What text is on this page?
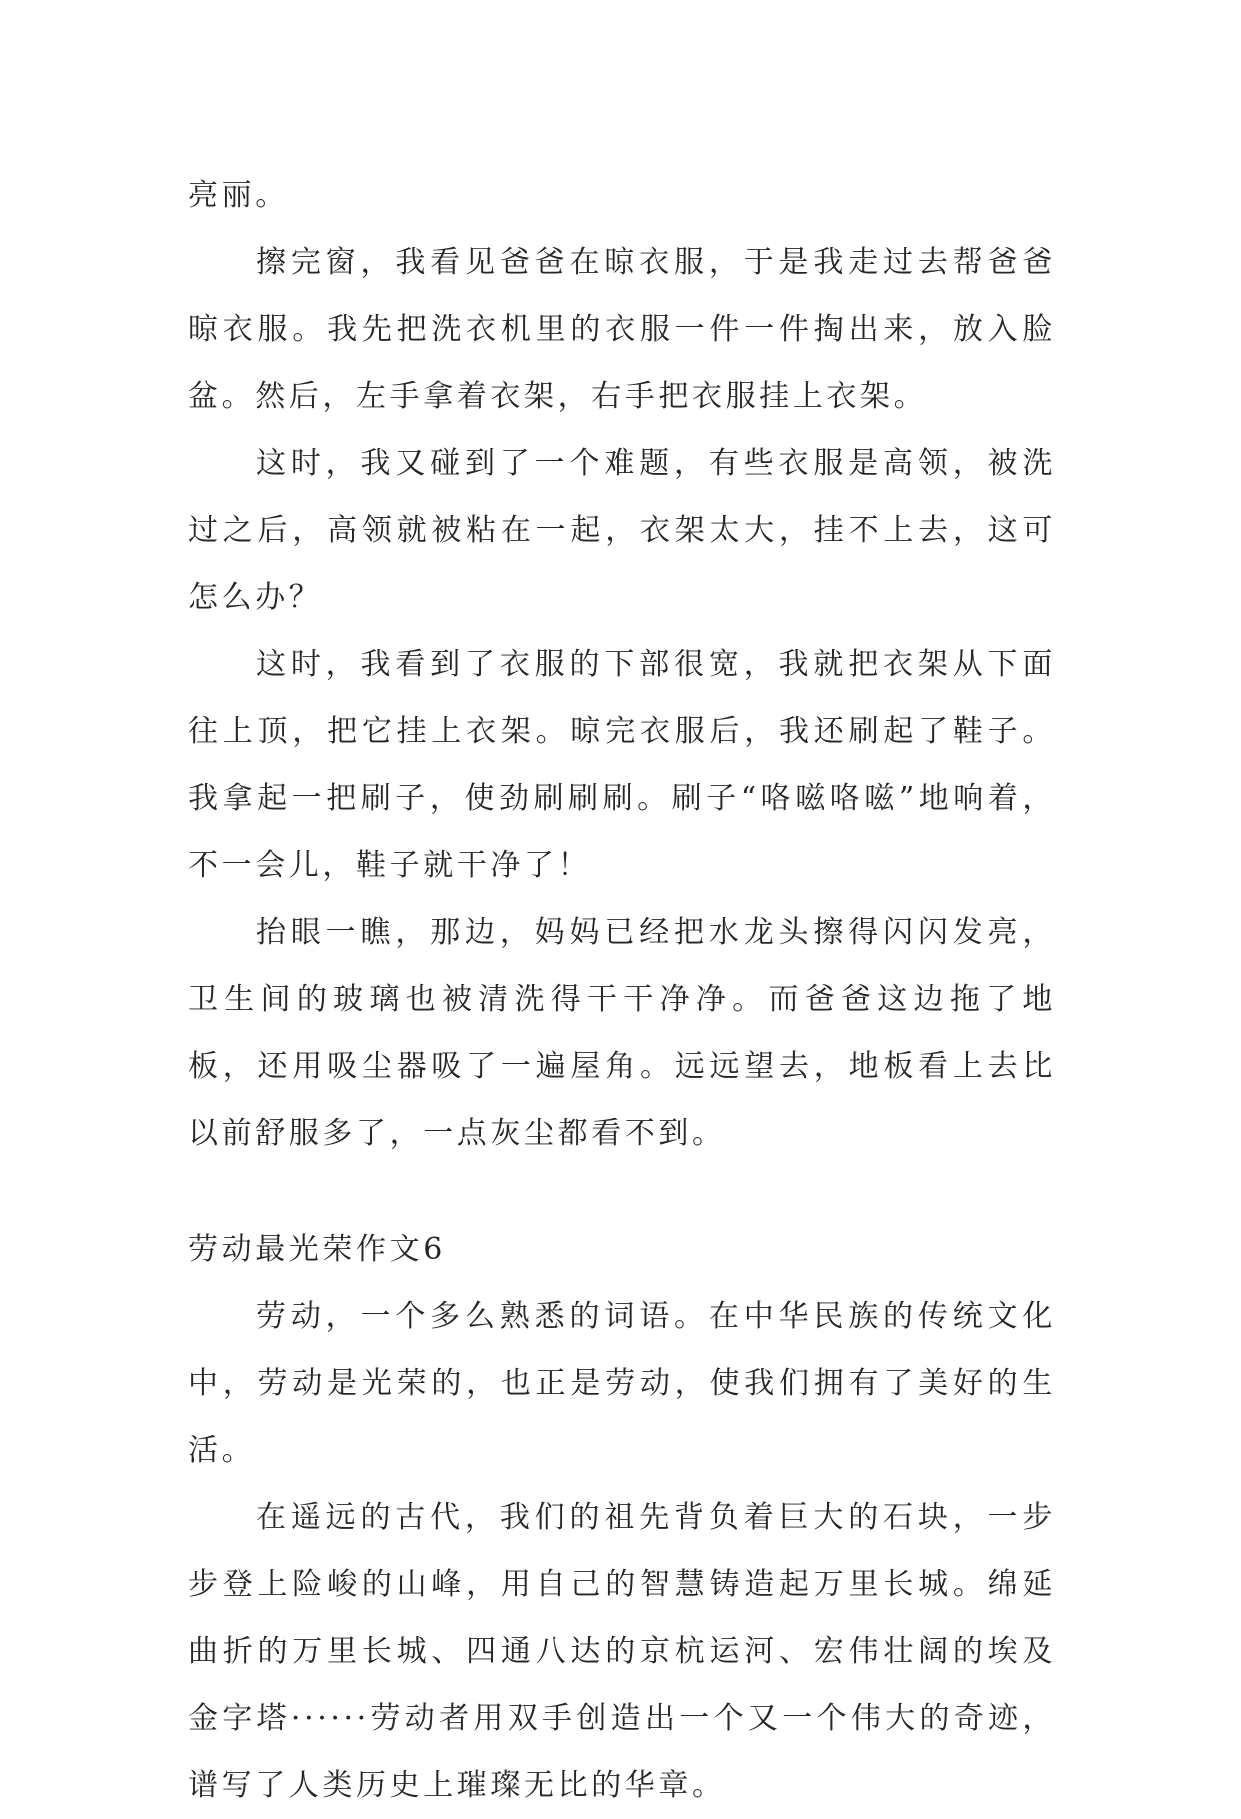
亮丽。

擦完窗，我看见爸爸在晾衣服，于是我走过去帮爸爸晾衣服。我先把洗衣机里的衣服一件一件掏出来，放入脸盆。然后，左手拿着衣架，右手把衣服挂上衣架。

这时，我又碰到了一个难题，有些衣服是高领，被洗过之后，高领就被粘在一起，衣架太大，挂不上去，这可怎么办？

这时，我看到了衣服的下部很宽，我就把衣架从下面往上顶，把它挂上衣架。晾完衣服后，我还刷起了鞋子。我拿起一把刷子，使劲刷刷刷。刷子“咯嗞咯嗞”地响着，不一会儿，鞋子就干净了！

抬眼一瞧，那边，妈妈已经把水龙头擦得闪闪发亮，卫生间的玻璃也被清洗得干干净净。而爸爸这边拖了地板，还用吸尘器吸了一遍屋角。远远望去，地板看上去比以前舒服多了，一点灰尘都看不到。

劳动最光荣作文6

劳动，一个多么熟悉的词语。在中华民族的传统文化中，劳动是光荣的，也正是劳动，使我们拥有了美好的生活。

在遥远的古代，我们的祖先背负着巨大的石块，一步步登上险峻的山峰，用自己的智慧铸造起万里长城。绵延曲折的万里长城、四通八达的京杭运河、宏伟壮阔的埃及金字塔······劳动者用双手创造出一个又一个伟大的奇迹，谱写了人类历史上璀璨无比的华章。
